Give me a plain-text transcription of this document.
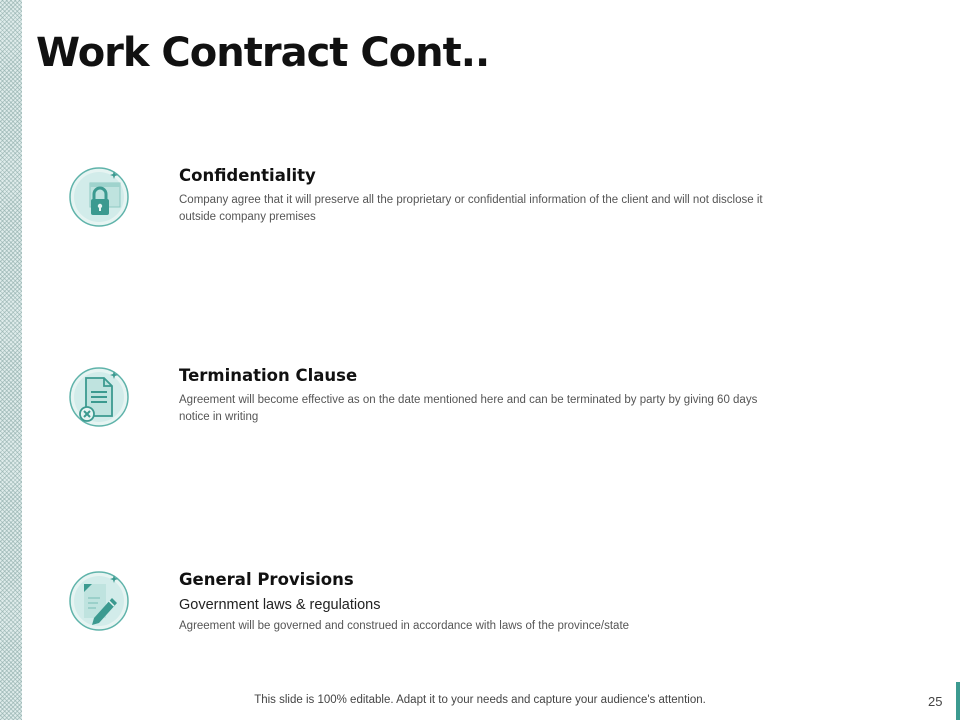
Work Contract Cont..

Confidentiality

Company agree that it will preserve all the proprietary or confidential information of the client and will not disclose it outside company premises

Termination Clause

Agreement will become effective as on the date mentioned here and can be terminated by party by giving 60 days notice in writing

General Provisions

Government laws & regulations

Agreement will be governed and construed in accordance with laws of the province/state

This slide is 100% editable. Adapt it to your needs and capture your audience's attention.	25
